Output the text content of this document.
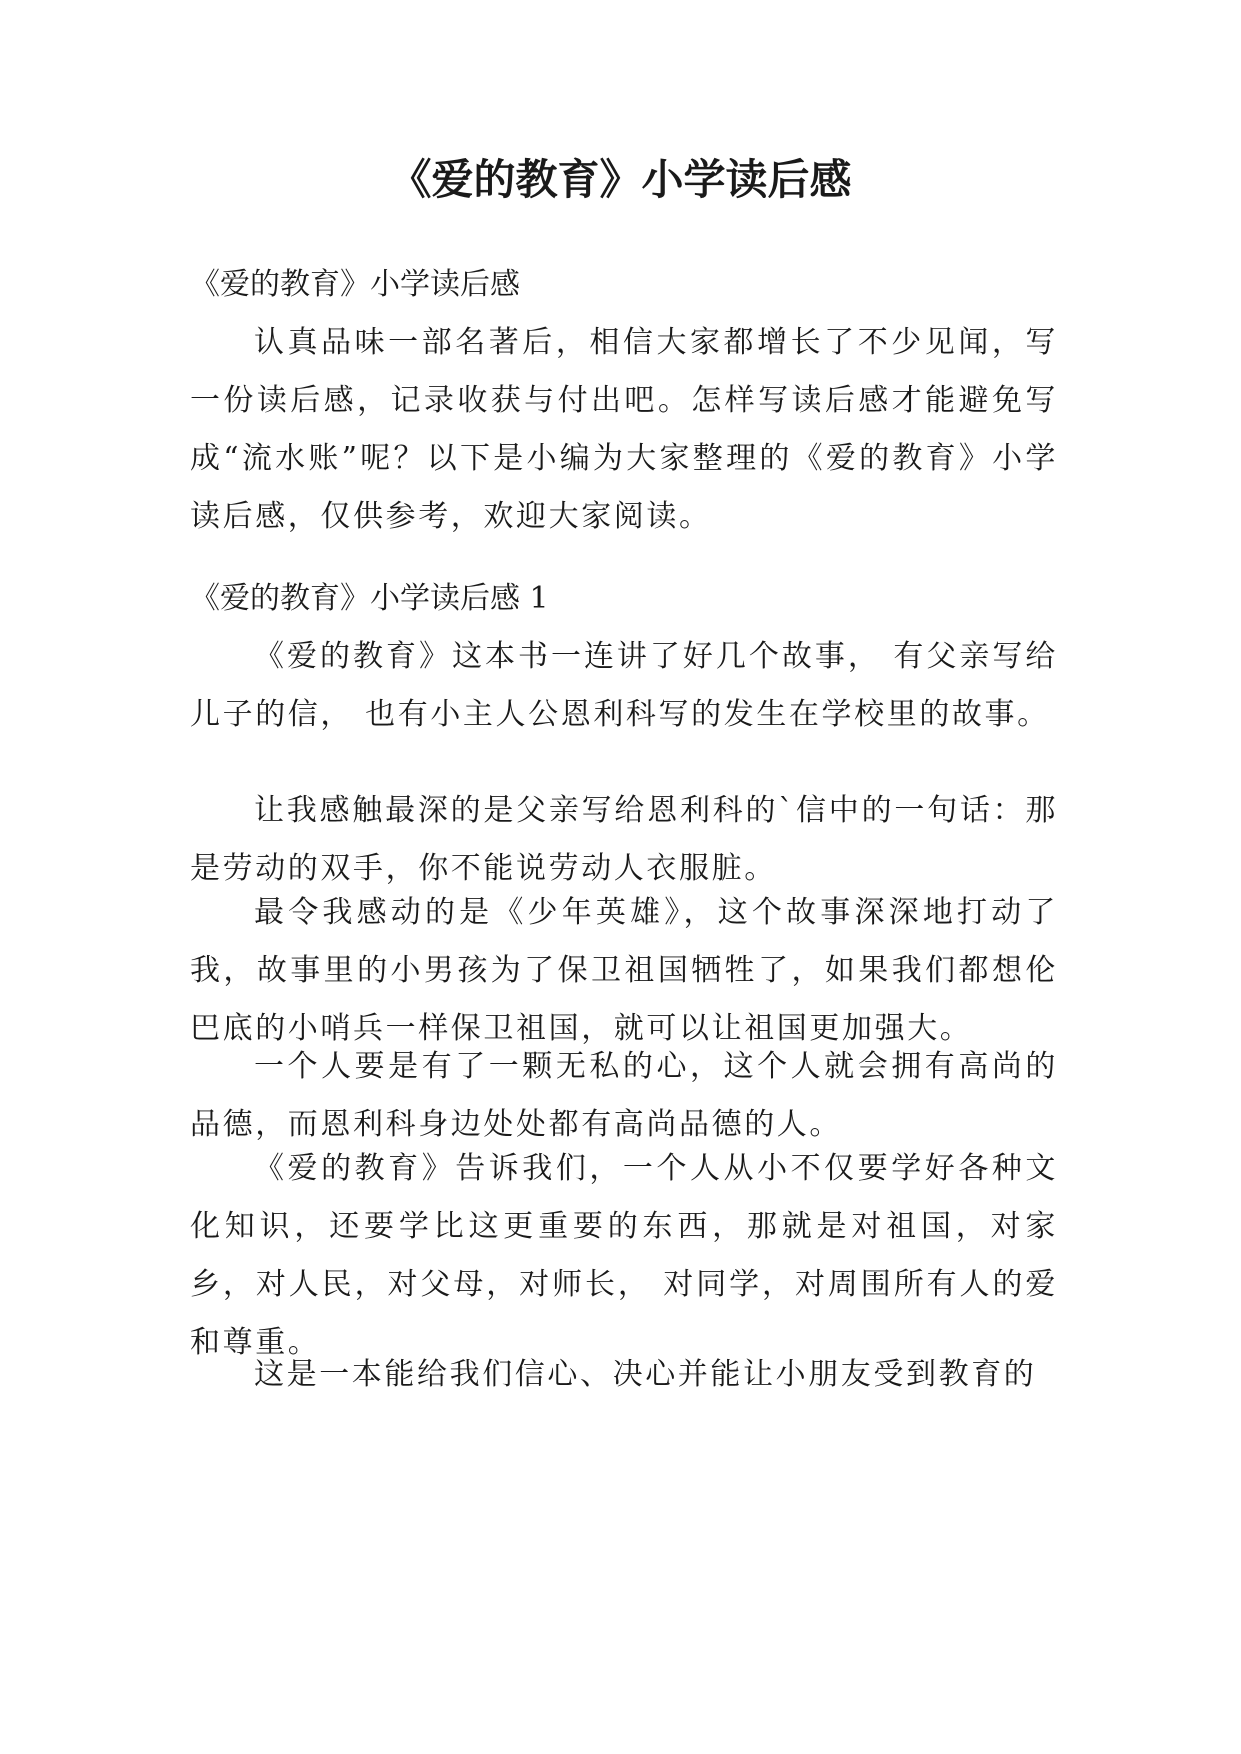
《爱的教育》小学读后感
《爱的教育》小学读后感

认真品味一部名著后，相信大家都增长了不少见闻，写一份读后感，记录收获与付出吧。怎样写读后感才能避免写成“流水账”呢？以下是小编为大家整理的《爱的教育》小学读后感，仅供参考，欢迎大家阅读。

《爱的教育》小学读后感 1

《爱的教育》这本书一连讲了好几个故事， 有父亲写给儿子的信， 也有小主人公恩利科写的发生在学校里的故事。

让我感触最深的是父亲写给恩利科的`信中的一句话：那是劳动的双手，你不能说劳动人衣服脏。

最令我感动的是《少年英雄》，这个故事深深地打动了我，故事里的小男孩为了保卫祖国牺牲了，如果我们都想伦巴底的小哨兵一样保卫祖国，就可以让祖国更加强大。

一个人要是有了一颗无私的心，这个人就会拥有高尚的品德，而恩利科身边处处都有高尚品德的人。

《爱的教育》告诉我们，一个人从小不仅要学好各种文化知识，还要学比这更重要的东西，那就是对祖国，对家乡，对人民，对父母，对师长， 对同学，对周围所有人的爱和尊重。

这是一本能给我们信心、决心并能让小朋友受到教育的
